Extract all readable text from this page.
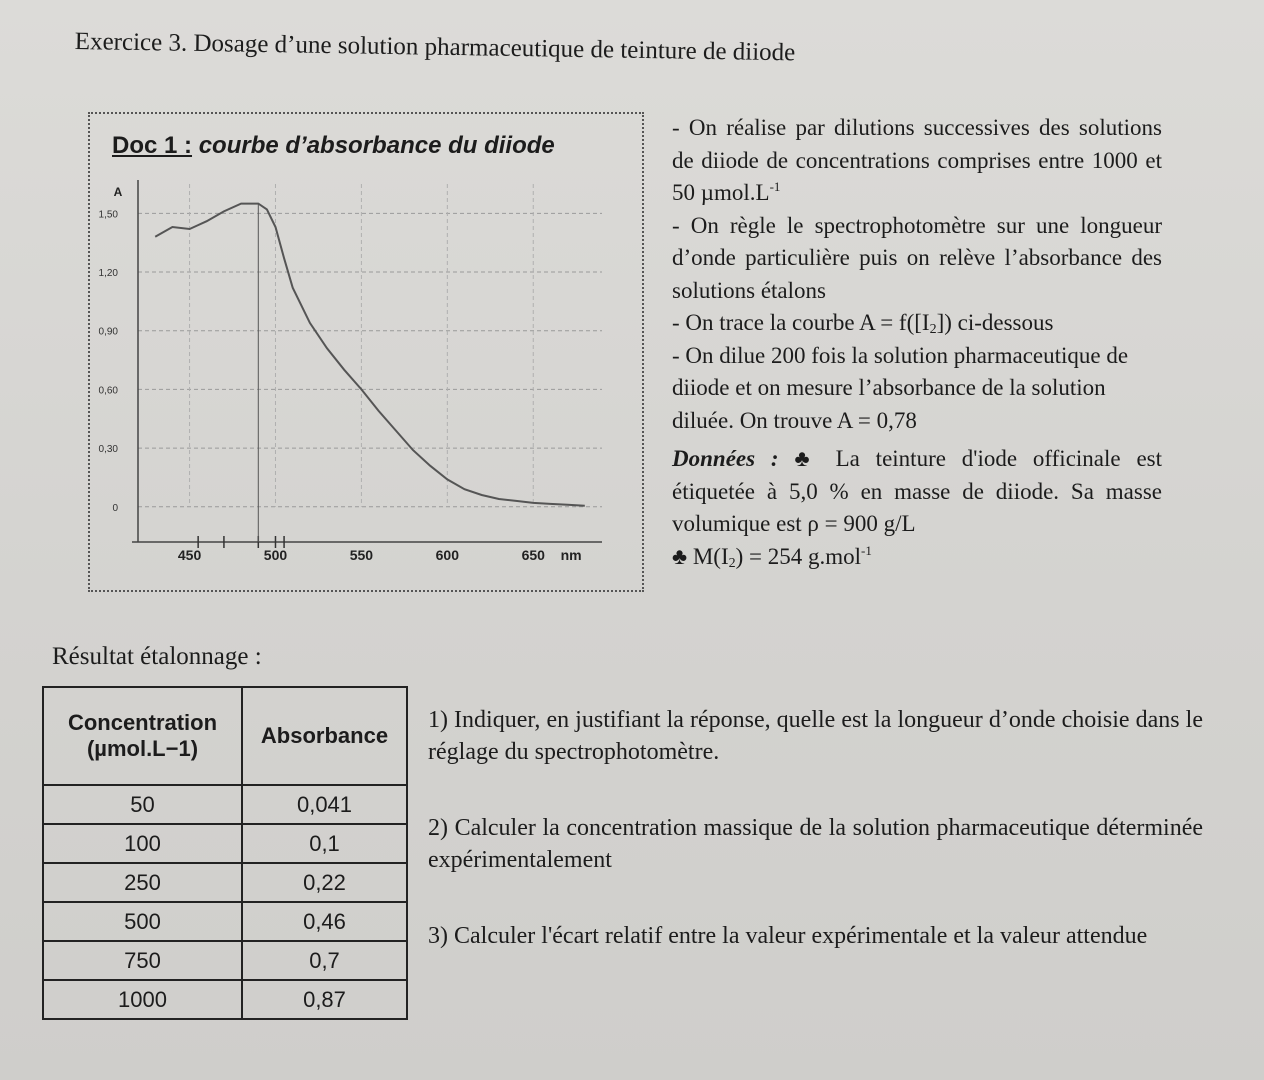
Exercice 3. Dosage d’une solution pharmaceutique de teinture de diiode
Doc 1 : courbe d’absorbance du diiode
0
0,30
0,60
0,90
1,20
1,50
450	500	550	600	650 nm
A

- On réalise par dilutions successives des solutions de diiode de concentrations comprises entre 1000 et 50 $\mu mol.L^{-1}$

- On règle le spectrophotomètre sur une longueur d’onde particulière puis on relève l’absorbance des solutions étalons

- On trace la courbe $A = f([I_2])$ ci-dessous

- On dilue 200 fois la solution pharmaceutique de diiode et on mesure l’absorbance de la solution diluée. On trouve A = 0,78

Données : ♣ La teinture d'iode officinale est étiquetée à 5,0 % en masse de diiode. Sa masse volumique est ρ = 900 g/L

♣ $M(I_2) = 254$ g.mol$^{-1}$

Résultat étalonnage :
Concentration (µmol.L−1)	Absorbance
50	0,041
100	0,1
250	0,22
500	0,46
750	0,7
1000	0,87

1) Indiquer, en justifiant la réponse, quelle est la longueur d’onde choisie dans le réglage du spectrophotomètre.

2) Calculer la concentration massique de la solution pharmaceutique déterminée expérimentalement

3) Calculer l'écart relatif entre la valeur expérimentale et la valeur attendue
